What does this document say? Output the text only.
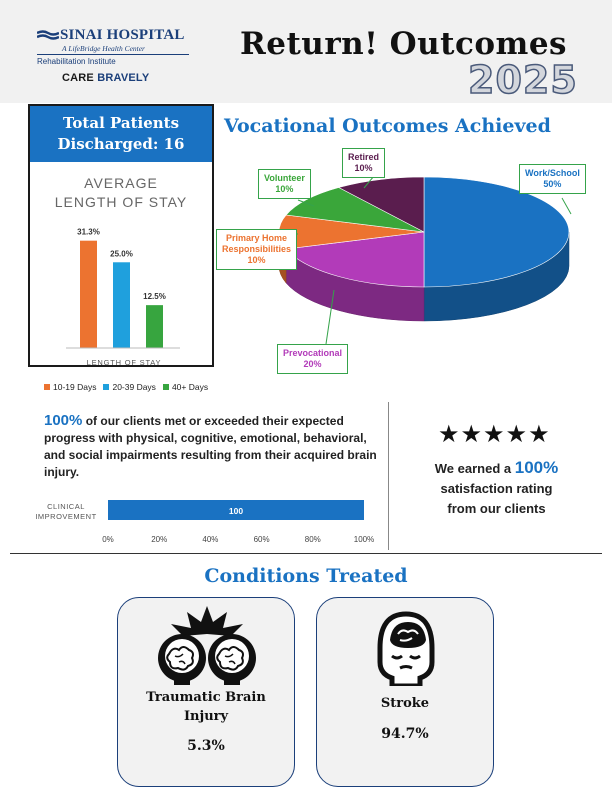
SINAI HOSPITAL
A LifeBridge Health Center
Rehabilitation Institute
CARE BRAVELY
Return! Outcomes
2025
Total Patients
Discharged: 16
AVERAGE
LENGTH OF STAY
31.3%
25.0%
12.5%
LENGTH OF STAY
10-19 Days	20-39 Days	40+ Days
Vocational Outcomes Achieved
Work/School
50%
Prevocational
20%
Primary Home
Responsibilities
10%
Volunteer
10%
Retired
10%
100% of our clients met or exceeded their expected progress with physical, cognitive, emotional, behavioral, and social impairments resulting from their acquired brain injury.
CLINICAL
IMPROVEMENT
100
0%	20%	40%	60%	80%	100%
★★★★★
We earned a 100%
satisfaction rating
from our clients
Conditions Treated
Traumatic Brain
Injury
5.3%
Stroke
94.7%
